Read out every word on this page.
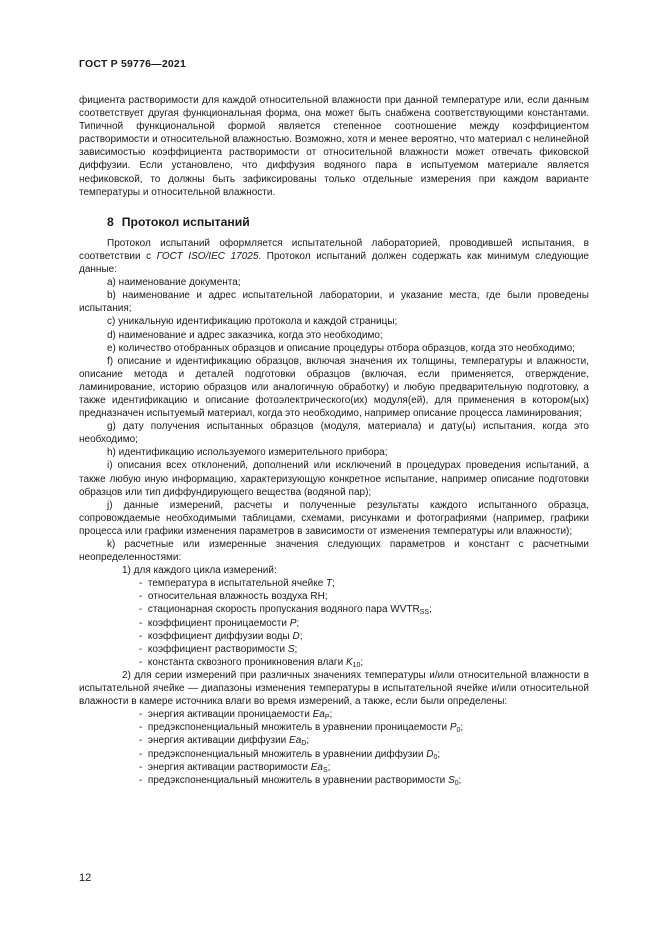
ГОСТ Р 59776—2021

фициента растворимости для каждой относительной влажности при данной температуре или, если данным соответствует другая функциональная форма, она может быть снабжена соответствующими константами. Типичной функциональной формой является степенное соотношение между коэффициентом растворимости и относительной влажностью. Возможно, хотя и менее вероятно, что материал с нелинейной зависимостью коэффициента растворимости от относительной влажности может отвечать фиковской диффузии. Если установлено, что диффузия водяного пара в испытуемом материале является нефиковской, то должны быть зафиксированы только отдельные измерения при каждом варианте температуры и относительной влажности.

8 Протокол испытаний

Протокол испытаний оформляется испытательной лабораторией, проводившей испытания, в соответствии с ГОСТ ISO/IEC 17025. Протокол испытаний должен содержать как минимум следующие данные:

a) наименование документа;

b) наименование и адрес испытательной лаборатории, и указание места, где были проведены испытания;

c) уникальную идентификацию протокола и каждой страницы;

d) наименование и адрес заказчика, когда это необходимо;

e) количество отобранных образцов и описание процедуры отбора образцов, когда это необходимо;

f) описание и идентификацию образцов, включая значения их толщины, температуры и влажности, описание метода и деталей подготовки образцов (включая, если применяется, отверждение, ламинирование, историю образцов или аналогичную обработку) и любую предварительную подготовку, а также идентификацию и описание фотоэлектрического(их) модуля(ей), для применения в котором(ых) предназначен испытуемый материал, когда это необходимо, например описание процесса ламинирования;

g) дату получения испытанных образцов (модуля, материала) и дату(ы) испытания, когда это необходимо;

h) идентификацию используемого измерительного прибора;

i) описания всех отклонений, дополнений или исключений в процедурах проведения испытаний, а также любую иную информацию, характеризующую конкретное испытание, например описание подготовки образцов или тип диффундирующего вещества (водяной пар);

j) данные измерений, расчеты и полученные результаты каждого испытанного образца, сопровождаемые необходимыми таблицами, схемами, рисунками и фотографиями (например, графики процесса или графики изменения параметров в зависимости от изменения температуры или влажности);

k) расчетные или измеренные значения следующих параметров и констант с расчетными неопределенностями:

1) для каждого цикла измерений:

-  температура в испытательной ячейке T;

-  относительная влажность воздуха RH;

-  стационарная скорость пропускания водяного пара $WVTR_{SS}$;

-  коэффициент проницаемости P;

-  коэффициент диффузии воды D;

-  коэффициент растворимости S;

-  константа сквозного проникновения влаги $K_{10}$;

2) для серии измерений при различных значениях температуры и/или относительной влажности в испытательной ячейке — диапазоны изменения температуры в испытательной ячейке и/или относительной влажности в камере источника влаги во время измерений, а также, если были определены:

-  энергия активации проницаемости $Ea_P$;

-  предэкспоненциальный множитель в уравнении проницаемости $P_0$;

-  энергия активации диффузии $Ea_D$;

-  предэкспоненциальный множитель в уравнении диффузии $D_0$;

-  энергия активации растворимости $Ea_S$;

-  предэкспоненциальный множитель в уравнении растворимости $S_0$;

12
